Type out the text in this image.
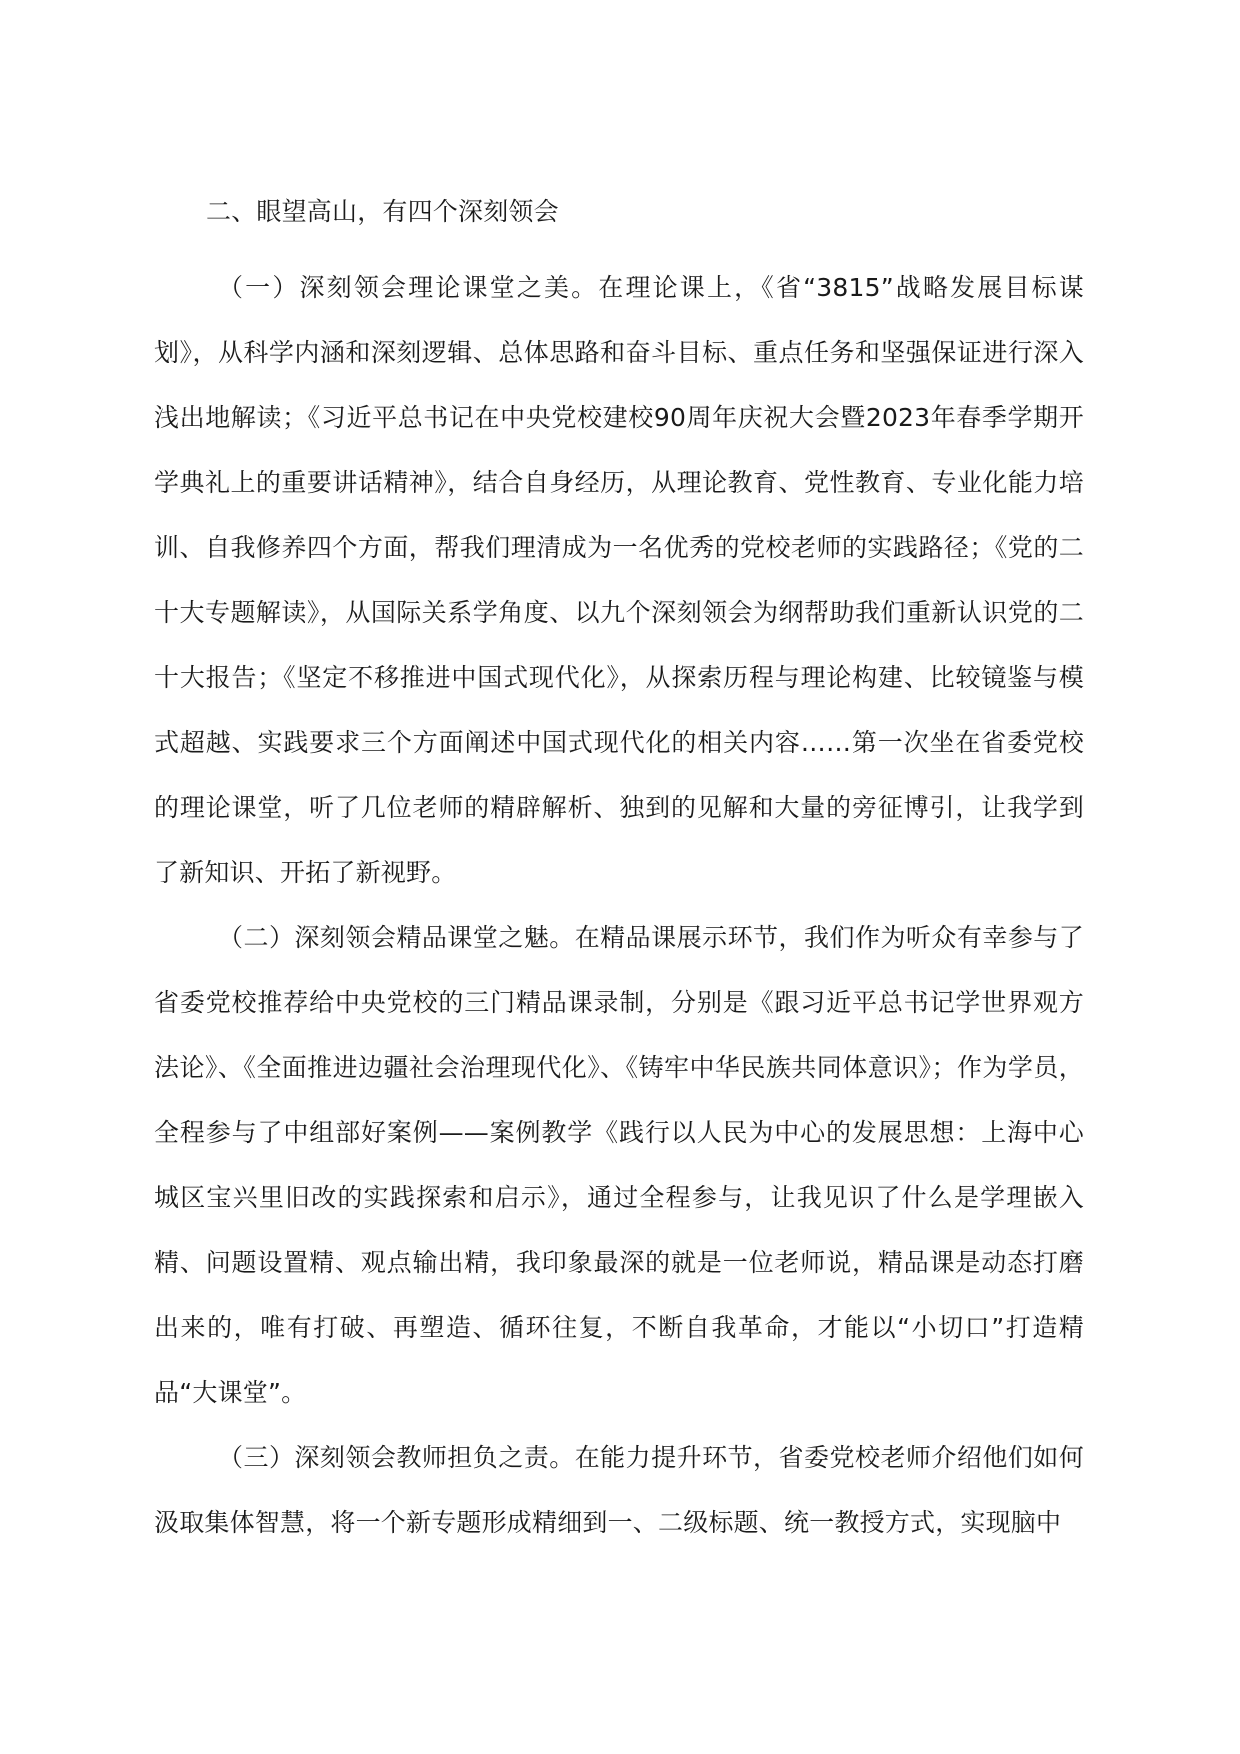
二、眼望高山，有四个深刻领会

（一）深刻领会理论课堂之美。在理论课上，《省“3815”战略发展目标谋划》，从科学内涵和深刻逻辑、总体思路和奋斗目标、重点任务和坚强保证进行深入浅出地解读；《习近平总书记在中央党校建校90周年庆祝大会暨2023年春季学期开学典礼上的重要讲话精神》，结合自身经历，从理论教育、党性教育、专业化能力培训、自我修养四个方面，帮我们理清成为一名优秀的党校老师的实践路径；《党的二十大专题解读》，从国际关系学角度、以九个深刻领会为纲帮助我们重新认识党的二十大报告；《坚定不移推进中国式现代化》，从探索历程与理论构建、比较镜鉴与模式超越、实践要求三个方面阐述中国式现代化的相关内容……第一次坐在省委党校的理论课堂，听了几位老师的精辟解析、独到的见解和大量的旁征博引，让我学到了新知识、开拓了新视野。

（二）深刻领会精品课堂之魅。在精品课展示环节，我们作为听众有幸参与了省委党校推荐给中央党校的三门精品课录制，分别是《跟习近平总书记学世界观方法论》、《全面推进边疆社会治理现代化》、《铸牢中华民族共同体意识》；作为学员，全程参与了中组部好案例——案例教学《践行以人民为中心的发展思想：上海中心城区宝兴里旧改的实践探索和启示》，通过全程参与，让我见识了什么是学理嵌入精、问题设置精、观点输出精，我印象最深的就是一位老师说，精品课是动态打磨出来的，唯有打破、再塑造、循环往复，不断自我革命，才能以“小切口”打造精品“大课堂”。

（三）深刻领会教师担负之责。在能力提升环节，省委党校老师介绍他们如何汲取集体智慧，将一个新专题形成精细到一、二级标题、统一教授方式，实现脑中
